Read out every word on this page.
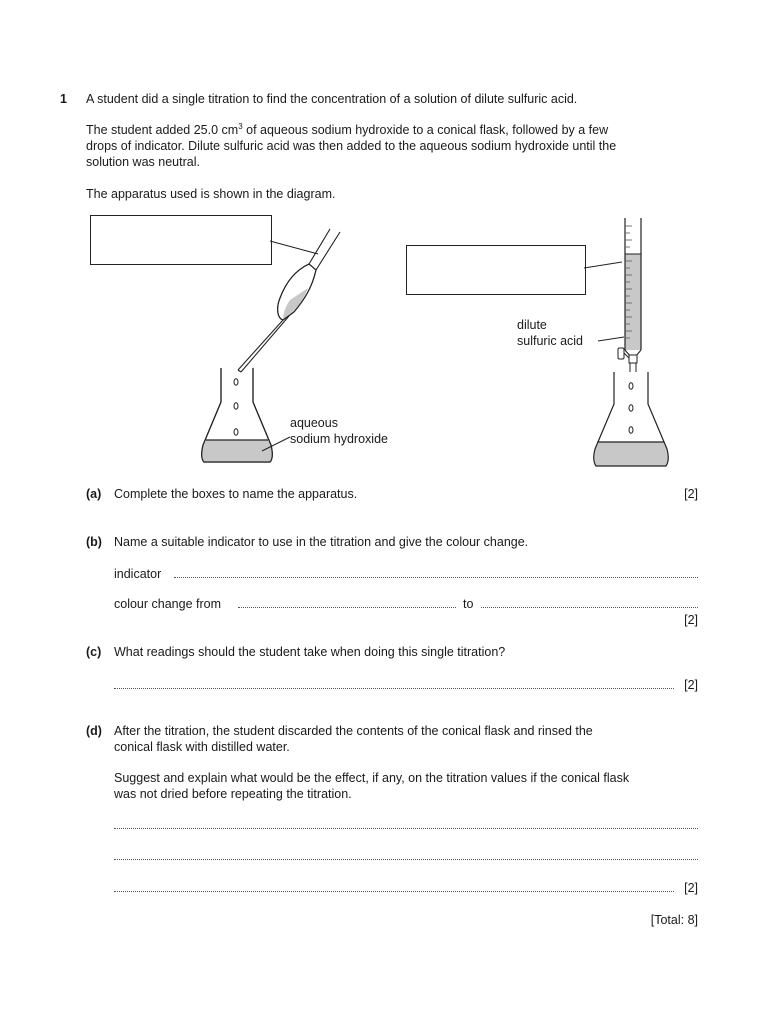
1 A student did a single titration to find the concentration of a solution of dilute sulfuric acid.
The student added 25.0 $cm^3$ of aqueous sodium hydroxide to a conical flask, followed by a few
drops of indicator. Dilute sulfuric acid was then added to the aqueous sodium hydroxide until the
solution was neutral.
The apparatus used is shown in the diagram.
aqueous
sodium hydroxide
dilute
sulfuric acid
(a) Complete the boxes to name the apparatus.	[2]
(b) Name a suitable indicator to use in the titration and give the colour change.
indicator
colour change from	to
[2]
(c) What readings should the student take when doing this single titration?
[2]
(d) After the titration, the student discarded the contents of the conical flask and rinsed the
conical flask with distilled water.
Suggest and explain what would be the effect, if any, on the titration values if the conical flask
was not dried before repeating the titration.
[2]
[Total: 8]
